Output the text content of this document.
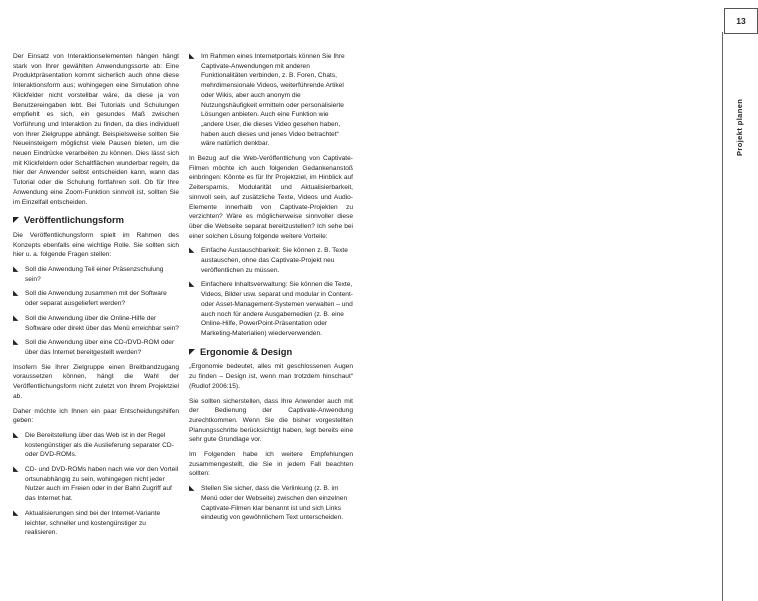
13
Projekt planen

Der Einsatz von Interaktionselementen hängen hängt stark von Ihrer gewählten Anwendungssorte ab: Eine Produktpräsentation kommt sicherlich auch ohne diese Interaktionsform aus; wohingegen eine Simulation ohne Klickfelder nicht vorstellbar wäre, da diese ja von Benutzereingaben lebt. Bei Tutorials und Schulungen empfiehlt es sich, ein gesundes Maß zwischen Vorführung und Interaktion zu finden, da dies individuell von Ihrer Zielgruppe abhängt. Beispielsweise sollten Sie Neueinsteigern möglichst viele Pausen bieten, um die neuen Eindrücke verarbeiten zu können. Dies lässt sich mit Klickfeldern oder Schaltflächen wunderbar regeln, da hier der Anwender selbst entscheiden kann, wann das Tutorial oder die Schulung fortfahren soll. Ob für Ihre Anwendung eine Zoom-Funktion sinnvoll ist, sollten Sie im Einzelfall entscheiden.

Veröffentlichungsform

Die Veröffentlichungsform spielt im Rahmen des Konzepts ebenfalls eine wichtige Rolle. Sie sollten sich hier u. a. folgende Fragen stellen:

◣
Soll die Anwendung Teil einer Präsenzschulung sein?
◣
Soll die Anwendung zusammen mit der Software oder separat ausgeliefert werden?
◣
Soll die Anwendung über die Online-Hilfe der Software oder direkt über das Menü erreichbar sein?
◣
Soll die Anwendung über eine CD-/DVD-ROM oder über das Internet bereitgestellt werden?

Insofern Sie Ihrer Zielgruppe einen Breitbandzugang voraussetzen können, hängt die Wahl der Veröffentlichungsform nicht zuletzt von Ihrem Projektziel ab.

Daher möchte ich Ihnen ein paar Entscheidungshilfen geben:

◣
Die Bereitstellung über das Web ist in der Regel kostengünstiger als die Auslieferung separater CD- oder DVD-ROMs.
◣
CD- und DVD-ROMs haben nach wie vor den Vorteil ortsunabhängig zu sein, wohingegen nicht jeder Nutzer auch im Freien oder in der Bahn Zugriff auf das Internet hat.
◣
Aktualisierungen sind bei der Internet-Variante leichter, schneller und kostengünstiger zu realisieren.
◣
Im Rahmen eines Internetportals können Sie Ihre Captivate-Anwendungen mit anderen Funktionalitäten verbinden, z. B. Foren, Chats, mehrdimensionale Videos, weiterführende Artikel oder Wikis, aber auch anonym die Nutzungshäufigkeit ermitteln oder personalisierte Lösungen anbieten. Auch eine Funktion wie „andere User, die dieses Video gesehen haben, haben auch dieses und jenes Video betrachtet“ wäre natürlich denkbar.

In Bezug auf die Web-Veröffentlichung von Captivate-Filmen möchte ich auch folgenden Gedankenanstoß einbringen: Könnte es für Ihr Projektziel, im Hinblick auf Zeitersparnis, Modularität und Aktualisierbarkeit, sinnvoll sein, auf zusätzliche Texte, Videos und Audio-Elemente innerhalb von Captivate-Projekten zu verzichten? Wäre es möglicherweise sinnvoller diese über die Webseite separat bereitzustellen? Ich sehe bei einer solchen Lösung folgende weitere Vorteile:

◣
Einfache Austauschbarkeit: Sie können z. B. Texte austauschen, ohne das Captivate-Projekt neu veröffentlichen zu müssen.
◣
Einfachere Inhaltsverwaltung: Sie können die Texte, Videos, Bilder usw. separat und modular in Content- oder Asset-Management-Systemen verwalten – und auch noch für andere Ausgabemedien (z. B. eine Online-Hilfe, PowerPoint-Präsentation oder Marketing-Materialien) wiederverwenden.
Ergonomie & Design

„Ergonomie bedeutet, alles mit geschlossenen Augen zu finden – Design ist, wenn man trotzdem hinschaut“ (Rudlof 2006:15).

Sie sollten sicherstellen, dass Ihre Anwender auch mit der Bedienung der Captivate-Anwendung zurechtkommen. Wenn Sie die bisher vorgestellten Planungsschritte berücksichtigt haben, legt bereits eine sehr gute Grundlage vor.

Im Folgenden habe ich weitere Empfehlungen zusammengestellt, die Sie in jedem Fall beachten sollten:

◣
Stellen Sie sicher, dass die Verlinkung (z. B. im Menü oder der Webseite) zwischen den einzelnen Captivate-Filmen klar benannt ist und sich Links eindeutig von gewöhnlichem Text unterscheiden.
